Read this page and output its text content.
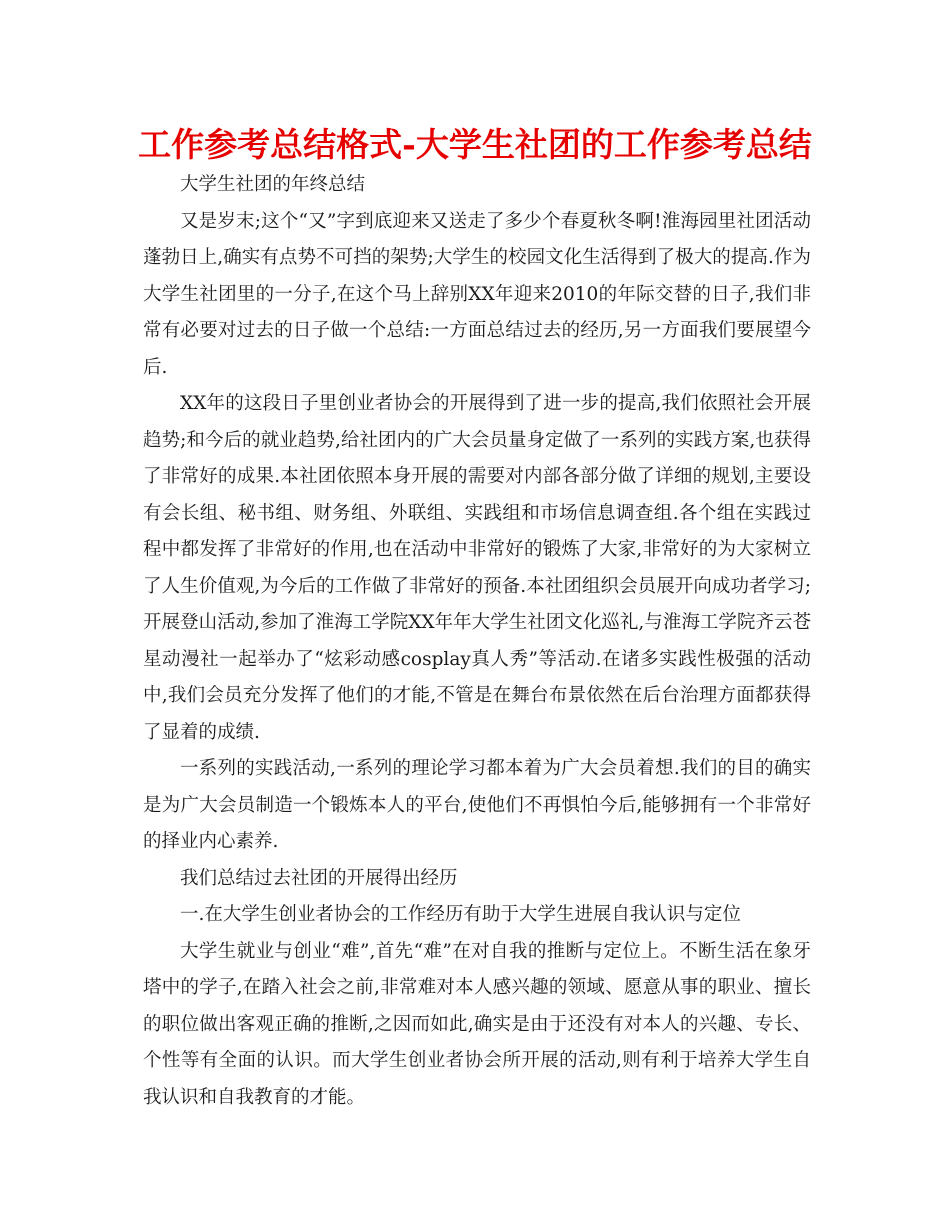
工作参考总结格式-大学生社团的工作参考总结

大学生社团的年终总结

又是岁末;这个“又”字到底迎来又送走了多少个春夏秋冬啊!淮海园里社团活动蓬勃日上,确实有点势不可挡的架势;大学生的校园文化生活得到了极大的提高.作为大学生社团里的一分子,在这个马上辞别XX年迎来2010的年际交替的日子,我们非常有必要对过去的日子做一个总结:一方面总结过去的经历,另一方面我们要展望今后.

XX年的这段日子里创业者协会的开展得到了进一步的提高,我们依照社会开展趋势;和今后的就业趋势,给社团内的广大会员量身定做了一系列的实践方案,也获得了非常好的成果.本社团依照本身开展的需要对内部各部分做了详细的规划,主要设有会长组、秘书组、财务组、外联组、实践组和市场信息调查组.各个组在实践过程中都发挥了非常好的作用,也在活动中非常好的锻炼了大家,非常好的为大家树立了人生价值观,为今后的工作做了非常好的预备.本社团组织会员展开向成功者学习;开展登山活动,参加了淮海工学院XX年年大学生社团文化巡礼,与淮海工学院齐云苍星动漫社一起举办了“炫彩动感cosplay真人秀”等活动.在诸多实践性极强的活动中,我们会员充分发挥了他们的才能,不管是在舞台布景依然在后台治理方面都获得了显着的成绩.

一系列的实践活动,一系列的理论学习都本着为广大会员着想.我们的目的确实是为广大会员制造一个锻炼本人的平台,使他们不再惧怕今后,能够拥有一个非常好的择业内心素养.

我们总结过去社团的开展得出经历

一.在大学生创业者协会的工作经历有助于大学生进展自我认识与定位

大学生就业与创业“难”,首先“难”在对自我的推断与定位上。不断生活在象牙塔中的学子,在踏入社会之前,非常难对本人感兴趣的领域、愿意从事的职业、擅长的职位做出客观正确的推断,之因而如此,确实是由于还没有对本人的兴趣、专长、个性等有全面的认识。而大学生创业者协会所开展的活动,则有利于培养大学生自我认识和自我教育的才能。
